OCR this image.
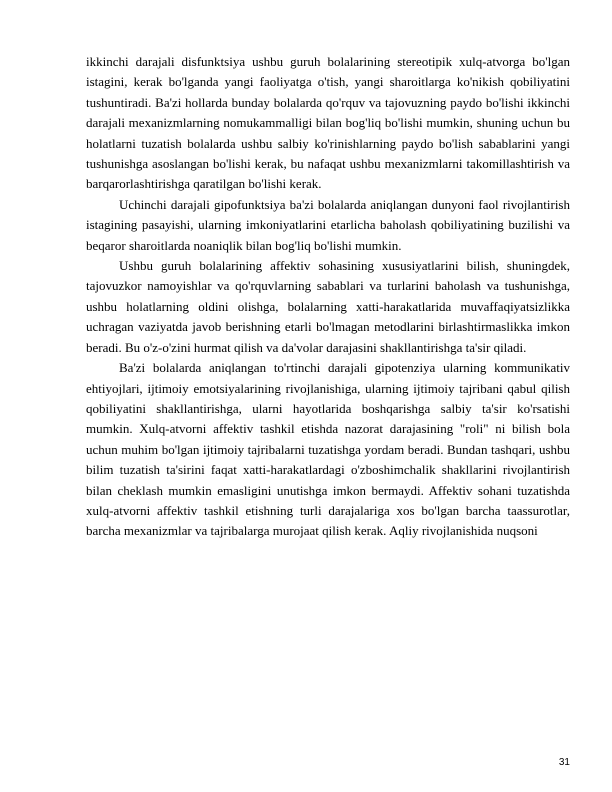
ikkinchi darajali disfunktsiya ushbu guruh bolalarining stereotipik xulq-atvorga bo'lgan istagini, kerak bo'lganda yangi faoliyatga o'tish, yangi sharoitlarga ko'nikish qobiliyatini tushuntiradi. Ba'zi hollarda bunday bolalarda qo'rquv va tajovuzning paydo bo'lishi ikkinchi darajali mexanizmlarning nomukammalligi bilan bog'liq bo'lishi mumkin, shuning uchun bu holatlarni tuzatish bolalarda ushbu salbiy ko'rinishlarning paydo bo'lish sabablarini yangi tushunishga asoslangan bo'lishi kerak, bu nafaqat ushbu mexanizmlarni takomillashtirish va barqarorlashtirishga qaratilgan bo'lishi kerak.

Uchinchi darajali gipofunktsiya ba'zi bolalarda aniqlangan dunyoni faol rivojlantirish istagining pasayishi, ularning imkoniyatlarini etarlicha baholash qobiliyatining buzilishi va beqaror sharoitlarda noaniqlik bilan bog'liq bo'lishi mumkin.

Ushbu guruh bolalarining affektiv sohasining xususiyatlarini bilish, shuningdek, tajovuzkor namoyishlar va qo'rquvlarning sabablari va turlarini baholash va tushunishga, ushbu holatlarning oldini olishga, bolalarning xatti-harakatlarida muvaffaqiyatsizlikka uchragan vaziyatda javob berishning etarli bo'lmagan metodlarini birlashtirmaslikka imkon beradi. Bu o'z-o'zini hurmat qilish va da'volar darajasini shakllantirishga ta'sir qiladi.

Ba'zi bolalarda aniqlangan to'rtinchi darajali gipotenziya ularning kommunikativ ehtiyojlari, ijtimoiy emotsiyalarining rivojlanishiga, ularning ijtimoiy tajribani qabul qilish qobiliyatini shakllantirishga, ularni hayotlarida boshqarishga salbiy ta'sir ko'rsatishi mumkin. Xulq-atvorni affektiv tashkil etishda nazorat darajasining "roli" ni bilish bola uchun muhim bo'lgan ijtimoiy tajribalarni tuzatishga yordam beradi. Bundan tashqari, ushbu bilim tuzatish ta'sirini faqat xatti-harakatlardagi o'zboshimchalik shakllarini rivojlantirish bilan cheklash mumkin emasligini unutishga imkon bermaydi. Affektiv sohani tuzatishda xulq-atvorni affektiv tashkil etishning turli darajalariga xos bo'lgan barcha taassurotlar, barcha mexanizmlar va tajribalarga murojaat qilish kerak. Aqliy rivojlanishida nuqsoni

31
